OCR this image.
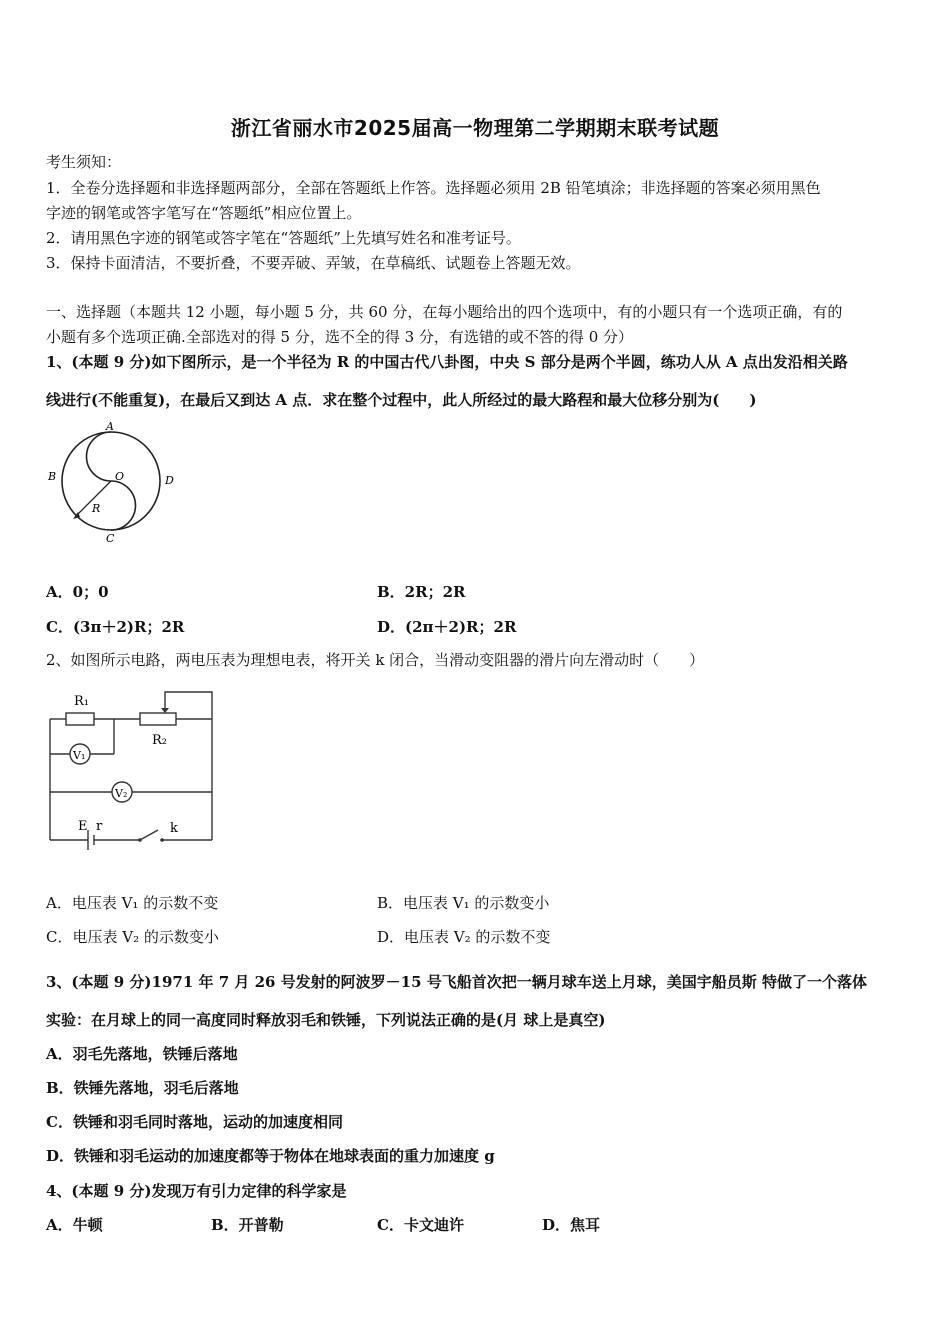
浙江省丽水市2025届高一物理第二学期期末联考试题
考生须知：
1．全卷分选择题和非选择题两部分，全部在答题纸上作答。选择题必须用 2B 铅笔填涂；非选择题的答案必须用黑色
字迹的钢笔或答字笔写在“答题纸”相应位置上。
2．请用黑色字迹的钢笔或答字笔在“答题纸”上先填写姓名和准考证号。
3．保持卡面清洁，不要折叠，不要弄破、弄皱，在草稿纸、试题卷上答题无效。
一、选择题（本题共 12 小题，每小题 5 分，共 60 分，在每小题给出的四个选项中，有的小题只有一个选项正确，有的
小题有多个选项正确.全部选对的得 5 分，选不全的得 3 分，有选错的或不答的得 0 分）
1、(本题 9 分)如下图所示，是一个半径为 R 的中国古代八卦图，中央 S 部分是两个半圆，练功人从 A 点出发沿相关路
线进行(不能重复)，在最后又到达 A 点．求在整个过程中，此人所经过的最大路程和最大位移分别为(　　)
A
B
C
D
O
R
A．0；0	B．2R；2R
C．(3π＋2)R；2R	D．(2π＋2)R；2R
2、如图所示电路，两电压表为理想电表，将开关 k 闭合，当滑动变阻器的滑片向左滑动时（　　）
R₁
R₂
V₁
V₂
E r	k
A．电压表 V₁ 的示数不变	B．电压表 V₁ 的示数变小
C．电压表 V₂ 的示数变小	D．电压表 V₂ 的示数不变
3、(本题 9 分)1971 年 7 月 26 号发射的阿波罗－15 号飞船首次把一辆月球车送上月球，美国宇船员斯 特做了一个落体
实验：在月球上的同一高度同时释放羽毛和铁锤，下列说法正确的是(月 球上是真空)
A．羽毛先落地，铁锤后落地
B．铁锤先落地，羽毛后落地
C．铁锤和羽毛同时落地，运动的加速度相同
D．铁锤和羽毛运动的加速度都等于物体在地球表面的重力加速度 g
4、(本题 9 分)发现万有引力定律的科学家是
A．牛顿	B．开普勒	C．卡文迪许	D．焦耳
